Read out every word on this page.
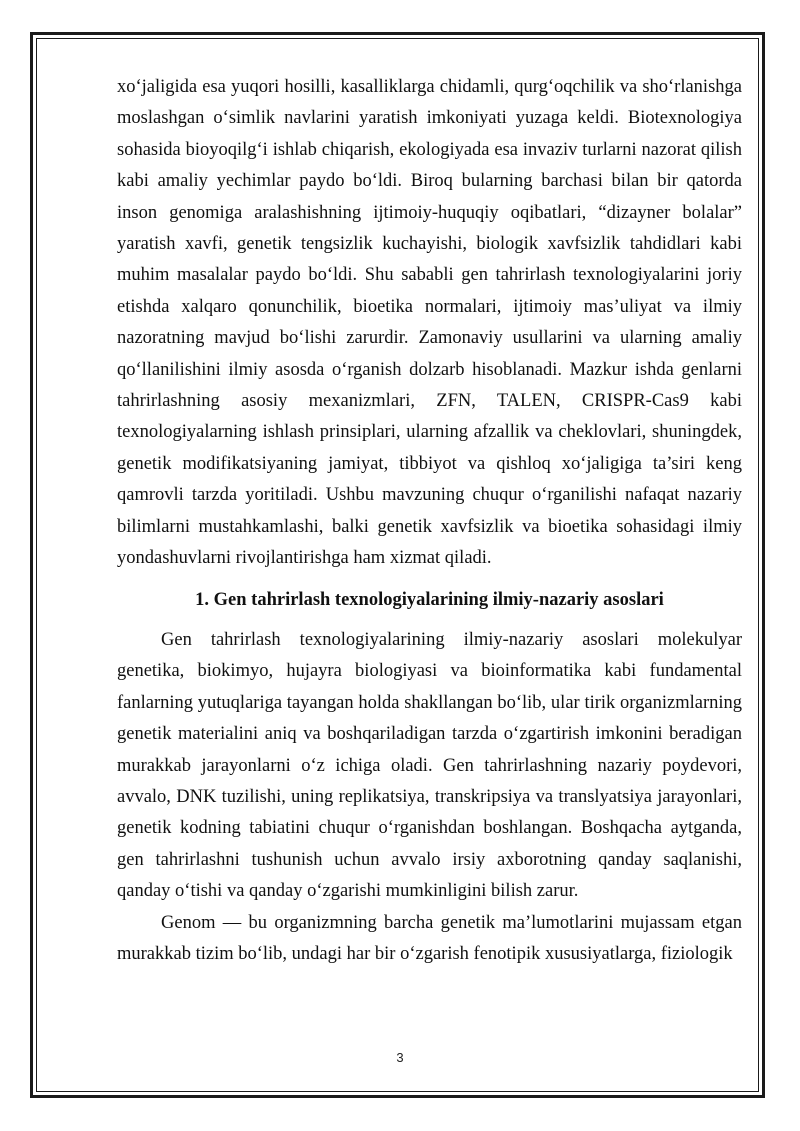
xo‘jaligida esa yuqori hosilli, kasalliklarga chidamli, qurg‘oqchilik va sho‘rlanishga moslashgan o‘simlik navlarini yaratish imkoniyati yuzaga keldi. Biotexnologiya sohasida bioyoqilg‘i ishlab chiqarish, ekologiyada esa invaziv turlarni nazorat qilish kabi amaliy yechimlar paydo bo‘ldi. Biroq bularning barchasi bilan bir qatorda inson genomiga aralashishning ijtimoiy-huquqiy oqibatlari, “dizayner bolalar” yaratish xavfi, genetik tengsizlik kuchayishi, biologik xavfsizlik tahdidlari kabi muhim masalalar paydo bo‘ldi. Shu sababli gen tahrirlash texnologiyalarini joriy etishda xalqaro qonunchilik, bioetika normalari, ijtimoiy mas’uliyat va ilmiy nazoratning mavjud bo‘lishi zarurdir. Zamonaviy usullarini va ularning amaliy qo‘llanilishini ilmiy asosda o‘rganish dolzarb hisoblanadi. Mazkur ishda genlarni tahrirlashning asosiy mexanizmlari, ZFN, TALEN, CRISPR-Cas9 kabi texnologiyalarning ishlash prinsiplari, ularning afzallik va cheklovlari, shuningdek, genetik modifikatsiyaning jamiyat, tibbiyot va qishloq xo‘jaligiga ta’siri keng qamrovli tarzda yoritiladi. Ushbu mavzuning chuqur o‘rganilishi nafaqat nazariy bilimlarni mustahkamlashi, balki genetik xavfsizlik va bioetika sohasidagi ilmiy yondashuvlarni rivojlantirishga ham xizmat qiladi.

1. Gen tahrirlash texnologiyalarining ilmiy-nazariy asoslari

Gen tahrirlash texnologiyalarining ilmiy-nazariy asoslari molekulyar genetika, biokimyo, hujayra biologiyasi va bioinformatika kabi fundamental fanlarning yutuqlariga tayangan holda shakllangan bo‘lib, ular tirik organizmlarning genetik materialini aniq va boshqariladigan tarzda o‘zgartirish imkonini beradigan murakkab jarayonlarni o‘z ichiga oladi. Gen tahrirlashning nazariy poydevori, avvalo, DNK tuzilishi, uning replikatsiya, transkripsiya va translyatsiya jarayonlari, genetik kodning tabiatini chuqur o‘rganishdan boshlangan. Boshqacha aytganda, gen tahrirlashni tushunish uchun avvalo irsiy axborotning qanday saqlanishi, qanday o‘tishi va qanday o‘zgarishi mumkinligini bilish zarur.

Genom — bu organizmning barcha genetik ma’lumotlarini mujassam etgan murakkab tizim bo‘lib, undagi har bir o‘zgarish fenotipik xususiyatlarga, fiziologik

3
